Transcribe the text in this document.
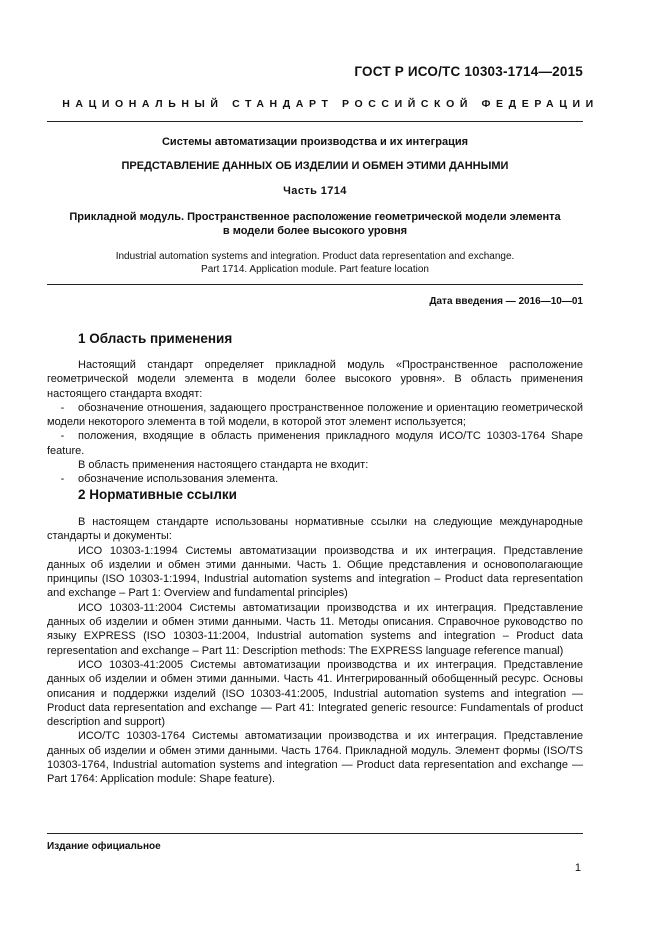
ГОСТ Р ИСО/ТС 10303-1714—2015
НАЦИОНАЛЬНЫЙ СТАНДАРТ РОССИЙСКОЙ ФЕДЕРАЦИИ
Системы автоматизации производства и их интеграция
ПРЕДСТАВЛЕНИЕ ДАННЫХ ОБ ИЗДЕЛИИ И ОБМЕН ЭТИМИ ДАННЫМИ
Часть 1714
Прикладной модуль. Пространственное расположение геометрической модели элемента
в модели более высокого уровня
Industrial automation systems and integration. Product data representation and exchange.
Part 1714. Application module. Part feature location
Дата введения — 2016—10—01
1 Область применения

Настоящий стандарт определяет прикладной модуль «Пространственное расположение геометрической модели элемента в модели более высокого уровня». В область применения настоящего стандарта входят:

- обозначение отношения, задающего пространственное положение и ориентацию геометрической модели некоторого элемента в той модели, в которой этот элемент используется;

- положения, входящие в область применения прикладного модуля ИСО/ТС 10303-1764 Shape feature.

В область применения настоящего стандарта не входит:

- обозначение использования элемента.

2 Нормативные ссылки

В настоящем стандарте использованы нормативные ссылки на следующие международные стандарты и документы:

ИСО 10303-1:1994 Системы автоматизации производства и их интеграция. Представление данных об изделии и обмен этими данными. Часть 1. Общие представления и основополагающие принципы (ISO 10303-1:1994, Industrial automation systems and integration – Product data representation and exchange – Part 1: Overview and fundamental principles)

ИСО 10303-11:2004 Системы автоматизации производства и их интеграция. Представление данных об изделии и обмен этими данными. Часть 11. Методы описания. Справочное руководство по языку EXPRESS (ISO 10303-11:2004, Industrial automation systems and integration – Product data representation and exchange – Part 11: Description methods: The EXPRESS language reference manual)

ИСО 10303-41:2005 Системы автоматизации производства и их интеграция. Представление данных об изделии и обмен этими данными. Часть 41. Интегрированный обобщенный ресурс. Основы описания и поддержки изделий (ISO 10303-41:2005, Industrial automation systems and integration — Product data representation and exchange — Part 41: Integrated generic resource: Fundamentals of product description and support)

ИСО/ТС 10303-1764 Системы автоматизации производства и их интеграция. Представление данных об изделии и обмен этими данными. Часть 1764. Прикладной модуль. Элемент формы (ISO/TS 10303-1764, Industrial automation systems and integration — Product data representation and exchange — Part 1764: Application module: Shape feature).

Издание официальное
1
